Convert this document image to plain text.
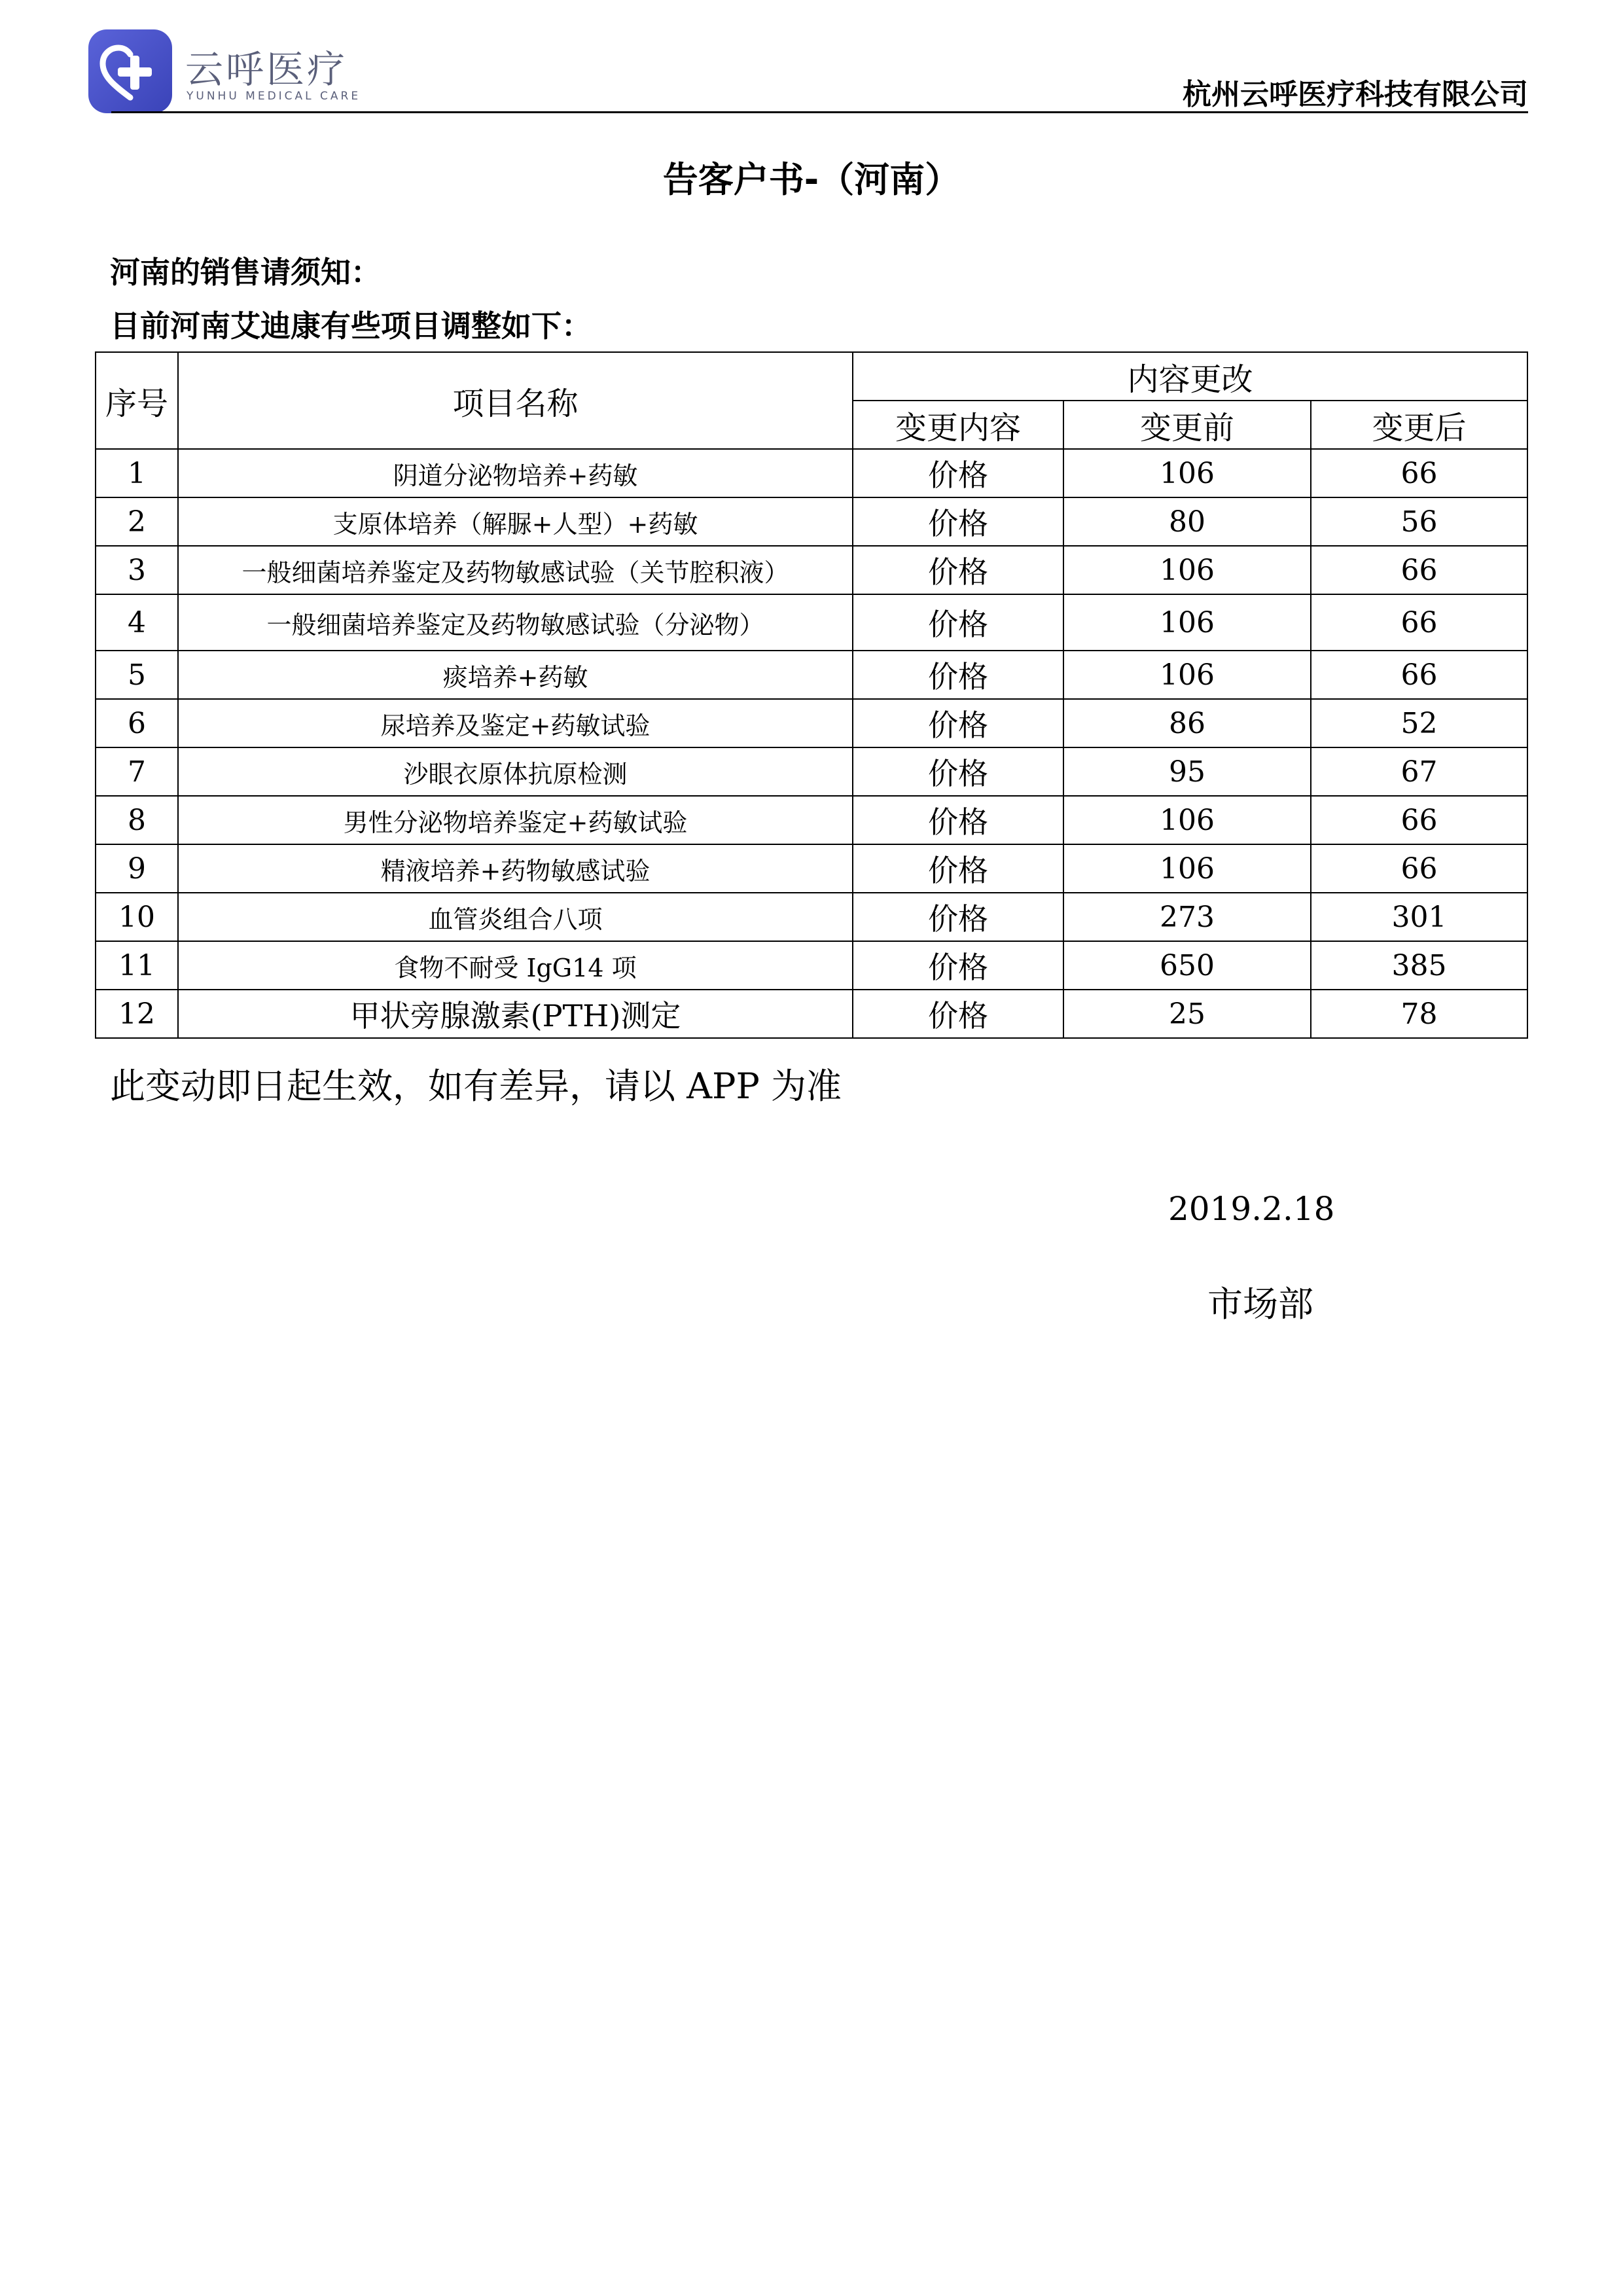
云呼医疗
YUNHU MEDICAL CARE	杭州云呼医疗科技有限公司
告客户书-（河南）
河南的销售请须知：
目前河南艾迪康有些项目调整如下：
序号	项目名称	内容更改		
		变更内容	变更前	变更后
1	阴道分泌物培养+药敏	价格	106	66
2	支原体培养（解脲+人型）+药敏	价格	80	56
3	一般细菌培养鉴定及药物敏感试验（关节腔积液）	价格	106	66
4	一般细菌培养鉴定及药物敏感试验（分泌物）	价格	106	66
5	痰培养+药敏	价格	106	66
6	尿培养及鉴定+药敏试验	价格	86	52
7	沙眼衣原体抗原检测	价格	95	67
8	男性分泌物培养鉴定+药敏试验	价格	106	66
9	精液培养+药物敏感试验	价格	106	66
10	血管炎组合八项	价格	273	301
11	食物不耐受 IgG14 项	价格	650	385
12	甲状旁腺激素(PTH)测定	价格	25	78
此变动即日起生效，如有差异，请以 APP 为准
2019.2.18
市场部
